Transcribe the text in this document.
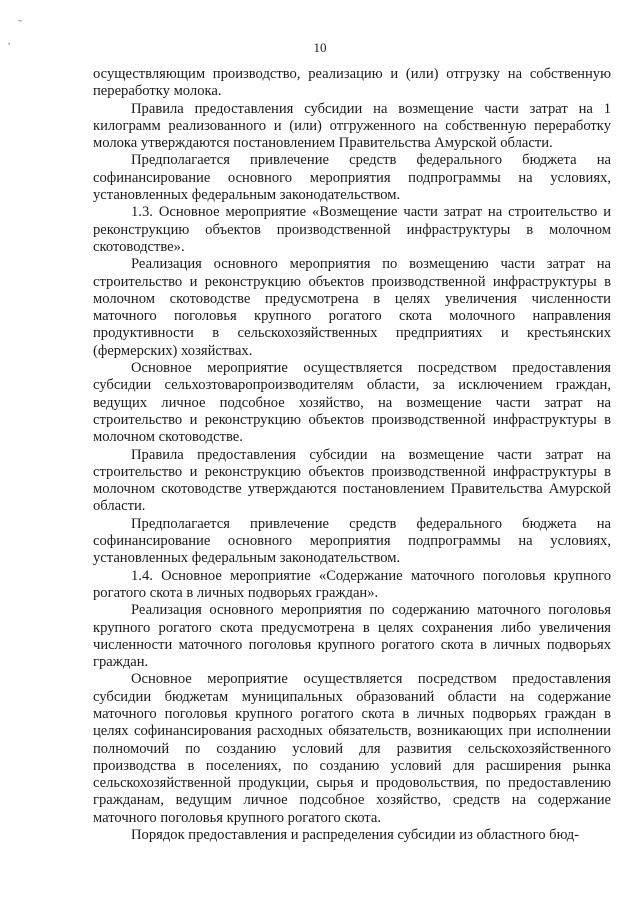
˜
'	10

осуществляющим производство, реализацию и (или) отгрузку на собственную переработку молока.

Правила предоставления субсидии на возмещение части затрат на 1 килограмм реализованного и (или) отгруженного на собственную переработку молока утверждаются постановлением Правительства Амурской области.

Предполагается привлечение средств федерального бюджета на софинансирование основного мероприятия подпрограммы на условиях, установленных федеральным законодательством.

1.3. Основное мероприятие «Возмещение части затрат на строительство и реконструкцию объектов производственной инфраструктуры в молочном скотоводстве».

Реализация основного мероприятия по возмещению части затрат на строительство и реконструкцию объектов производственной инфраструктуры в молочном скотоводстве предусмотрена в целях увеличения численности маточного поголовья крупного рогатого скота молочного направления продуктивности в сельскохозяйственных предприятиях и крестьянских (фермерских) хозяйствах.

Основное мероприятие осуществляется посредством предоставления субсидии сельхозтоваропроизводителям области, за исключением граждан, ведущих личное подсобное хозяйство, на возмещение части затрат на строительство и реконструкцию объектов производственной инфраструктуры в молочном скотоводстве.

Правила предоставления субсидии на возмещение части затрат на строительство и реконструкцию объектов производственной инфраструктуры в молочном скотоводстве утверждаются постановлением Правительства Амурской области.

Предполагается привлечение средств федерального бюджета на софинансирование основного мероприятия подпрограммы на условиях, установленных федеральным законодательством.

1.4. Основное мероприятие «Содержание маточного поголовья крупного рогатого скота в личных подворьях граждан».

Реализация основного мероприятия по содержанию маточного поголовья крупного рогатого скота предусмотрена в целях сохранения либо увеличения численности маточного поголовья крупного рогатого скота в личных подворьях граждан.

Основное мероприятие осуществляется посредством предоставления субсидии бюджетам муниципальных образований области на содержание маточного поголовья крупного рогатого скота в личных подворьях граждан в целях софинансирования расходных обязательств, возникающих при исполнении полномочий по созданию условий для развития сельскохозяйственного производства в поселениях, по созданию условий для расширения рынка сельскохозяйственной продукции, сырья и продовольствия, по предоставлению гражданам, ведущим личное подсобное хозяйство, средств на содержание маточного поголовья крупного рогатого скота.

Порядок предоставления и распределения субсидии из областного бюд-
